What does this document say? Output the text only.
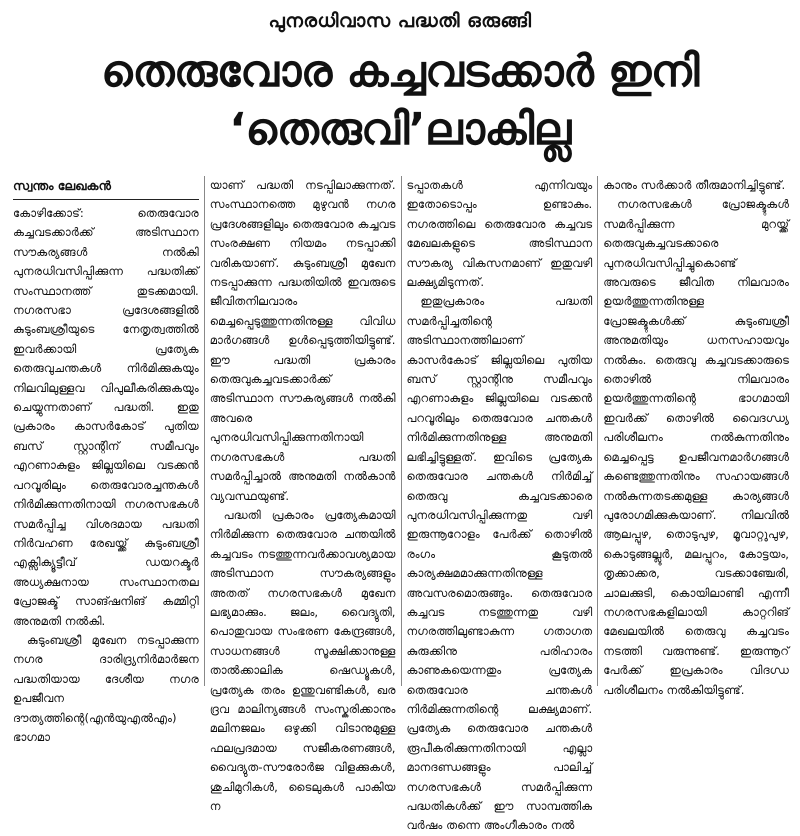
പുനരധിവാസ പദ്ധതി ഒരുങ്ങി
തെരുവോര കച്ചവടക്കാർ ഇനി
‘തെരുവി’ലാകില്ല
സ്വന്തം ലേഖകൻ

കോഴിക്കോട്: തെരുവോര കച്ചവടക്കാർക്ക് അടിസ്ഥാന സൗകര്യങ്ങൾ നൽകി പുനരധിവസിപ്പിക്കുന്ന പദ്ധതിക്ക് സംസ്ഥാനത്ത് തുടക്കമായി. നഗരസഭാ പ്രദേശങ്ങളിൽ കുടുംബശ്രീയുടെ നേതൃത്വത്തിൽ ഇവർക്കായി പ്രത്യേക തെരുവുചന്തകൾ നിർമിക്കുകയും നിലവിലുള്ളവ വിപുലീകരിക്കുകയും ചെയ്യുന്നതാണ് പദ്ധതി. ഇതു പ്രകാരം കാസർകോട് പുതിയ ബസ് സ്റ്റാന്റിന് സമീപവും എറണാകുളം ജില്ലയിലെ വടക്കൻ പറവൂരിലും തെരുവോരച്ചന്തകൾ നിർമിക്കുന്നതിനായി നഗരസഭകൾ സമർപ്പിച്ച വിശദമായ പദ്ധതി നിർവഹണ രേഖയ്ക്ക് കുടുംബശ്രീ എക്സിക്യൂട്ടീവ് ഡയറക്ടർ അധ്യക്ഷനായ സംസ്ഥാനതല പ്രോജക്ട് സാങ്ഷനിങ് കമ്മിറ്റി അനുമതി നൽകി.

കുടുംബശ്രീ മുഖേന നടപ്പാക്കുന്ന നഗര ദാരിദ്ര്യനിർമാർജന പദ്ധതിയായ ദേശീയ നഗര ഉപജീവന ദൗത്യത്തിന്റെ(എൻയുഎൽഎം) ഭാഗമാ

യാണ് പദ്ധതി നടപ്പിലാക്കുന്നത്. സംസ്ഥാനത്തെ മുഴുവൻ നഗര പ്രദേശങ്ങളിലും തെരുവോര കച്ചവട സംരക്ഷണ നിയമം നടപ്പാക്കി വരികയാണ്. കുടുംബശ്രീ മുഖേന നടപ്പാക്കുന്ന പദ്ധതിയിൽ ഇവരുടെ ജീവിതനിലവാരം മെച്ചപ്പെടുത്തുന്നതിനുള്ള വിവിധ മാർഗങ്ങൾ ഉൾപ്പെടുത്തിയിട്ടുണ്ട്. ഈ പദ്ധതി പ്രകാരം തെരുവുകച്ചവടക്കാർക്ക് അടിസ്ഥാന സൗകര്യങ്ങൾ നൽകി അവരെ പുനരധിവസിപ്പിക്കുന്നതിനായി നഗരസഭകൾ പദ്ധതി സമർപ്പിച്ചാൽ അനുമതി നൽകാൻ വ്യവസ്ഥയുണ്ട്.

പദ്ധതി പ്രകാരം പ്രത്യേകമായി നിർമിക്കുന്ന തെരുവോര ചന്തയിൽ കച്ചവടം നടത്തുന്നവർക്കാവശ്യമായ അടിസ്ഥാന സൗകര്യങ്ങളും അതത് നഗരസഭകൾ മുഖേന ലഭ്യമാക്കും. ജലം, വൈദ്യുതി, പൊതുവായ സംഭരണ കേന്ദ്രങ്ങൾ, സാധനങ്ങൾ സൂക്ഷിക്കാനുള്ള താൽക്കാലിക ഷെഡ്യൂകൾ, പ്രത്യേക തരം ഉന്തുവണ്ടികൾ, ഖര ദ്രവ മാലിന്യങ്ങൾ സംസ്കരിക്കാനും മലിനജലം ഒഴുക്കി വിടാനുമുള്ള ഫലപ്രദമായ സജീകരണങ്ങൾ, വൈദ്യുത-സൗരോർജ വിളക്കുകൾ, ശുചിമുറികൾ, ടൈലുകൾ പാകിയ ന

ടപ്പാതകൾ എന്നിവയും ഇതോടൊപ്പം ഉണ്ടാകും. നഗരത്തിലെ തെരുവോര കച്ചവട മേഖലകളുടെ അടിസ്ഥാന സൗകര്യ വികസനമാണ് ഇതുവഴി ലക്ഷ്യമിടുന്നത്.

ഇതുപ്രകാരം പദ്ധതി സമർപ്പിച്ചതിന്റെ അടിസ്ഥാനത്തിലാണ് കാസർകോട് ജില്ലയിലെ പുതിയ ബസ് സ്റ്റാന്റിനു സമീപവും എറണാകുളം ജില്ലയിലെ വടക്കൻ പറവൂരിലും തെരുവോര ചന്തകൾ നിർമിക്കുന്നതിനുള്ള അനുമതി ലഭിച്ചിട്ടുള്ളത്. ഇവിടെ പ്രത്യേക തെരുവോര ചന്തകൾ നിർമിച്ച് തെരുവു കച്ചവടക്കാരെ പുനരധിവസിപ്പിക്കുന്നതു വഴി ഇരുന്നൂറോളം പേർക്ക് തൊഴിൽ രംഗം കൂടുതൽ കാര്യക്ഷമമാക്കുന്നതിനുള്ള അവസരമൊരുങ്ങും. തെരുവോര കച്ചവട നടത്തുന്നതു വഴി നഗരത്തിലുണ്ടാകുന്ന ഗതാഗത കുരുക്കിനു പരിഹാരം കാണുകയെന്നതും പ്രത്യേക തെരുവോര ചന്തകൾ നിർമിക്കുന്നതിന്റെ ലക്ഷ്യമാണ്. പ്രത്യേക തെരുവോര ചന്തകൾ രൂപീകരിക്കുന്നതിനായി എല്ലാ മാനദണ്ഡങ്ങളും പാലിച്ച് നഗരസഭകൾ സമർപ്പിക്കുന്ന പദ്ധതികൾക്ക് ഈ സാമ്പത്തിക വർഷം തന്നെ അംഗീകാരം നൽ

കാനും സർക്കാർ തീരുമാനിച്ചിട്ടുണ്ട്.

നഗരസഭകൾ പ്രോജക്ടുകൾ സമർപ്പിക്കുന്ന മുറയ്ക്ക് തെരുവുകച്ചവടക്കാരെ പുനരധിവസിപ്പിച്ചുകൊണ്ട് അവരുടെ ജീവിത നിലവാരം ഉയർത്തുന്നതിനുള്ള പ്രോജക്ടുകൾക്ക് കുടുംബശ്രീ അനുമതിയും ധനസഹായവും നൽകും. തെരുവു കച്ചവടക്കാരുടെ തൊഴിൽ നിലവാരം ഉയർത്തുന്നതിന്റെ ഭാഗമായി ഇവർക്ക് തൊഴിൽ വൈദഗ്ധ്യ പരിശീലനം നൽകുന്നതിനും മെച്ചപ്പെട്ട ഉപജീവനമാർഗങ്ങൾ കണ്ടെത്തുന്നതിനും സഹായങ്ങൾ നൽകുന്നതടക്കമുള്ള കാര്യങ്ങൾ പുരോഗമിക്കുകയാണ്. നിലവിൽ ആലപ്പുഴ, തൊടുപുഴ, മൂവാറ്റുപുഴ, കൊടുങ്ങല്ലൂർ, മലപ്പുറം, കോട്ടയം, തൃക്കാക്കര, വടക്കാഞ്ചേരി, ചാലക്കുടി, കൊയിലാണ്ടി എന്നീ നഗരസഭകളിലായി കാറ്ററിങ് മേഖലയിൽ തെരുവു കച്ചവടം നടത്തി വരുന്നുണ്ട്. ഇരുന്നൂറ് പേർക്ക് ഇപ്രകാരം വിദഗ്ധ പരിശീലനം നൽകിയിട്ടുണ്ട്.
